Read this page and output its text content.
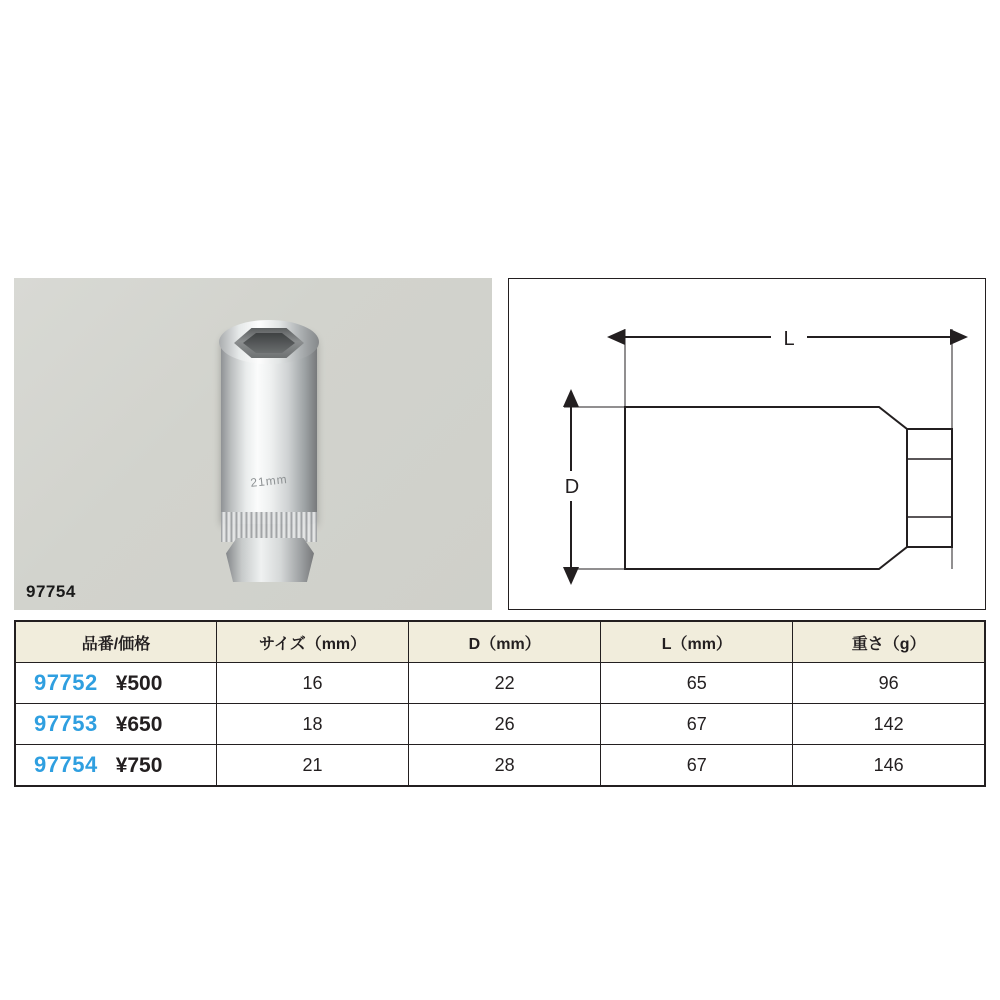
21mm
97754
L
D
品番/価格	サイズ（mm）	D（mm）	L（mm）	重さ（g）

97752 ¥500	16	22	65	96

97753 ¥650	18	26	67	142

97754 ¥750	21	28	67	146
